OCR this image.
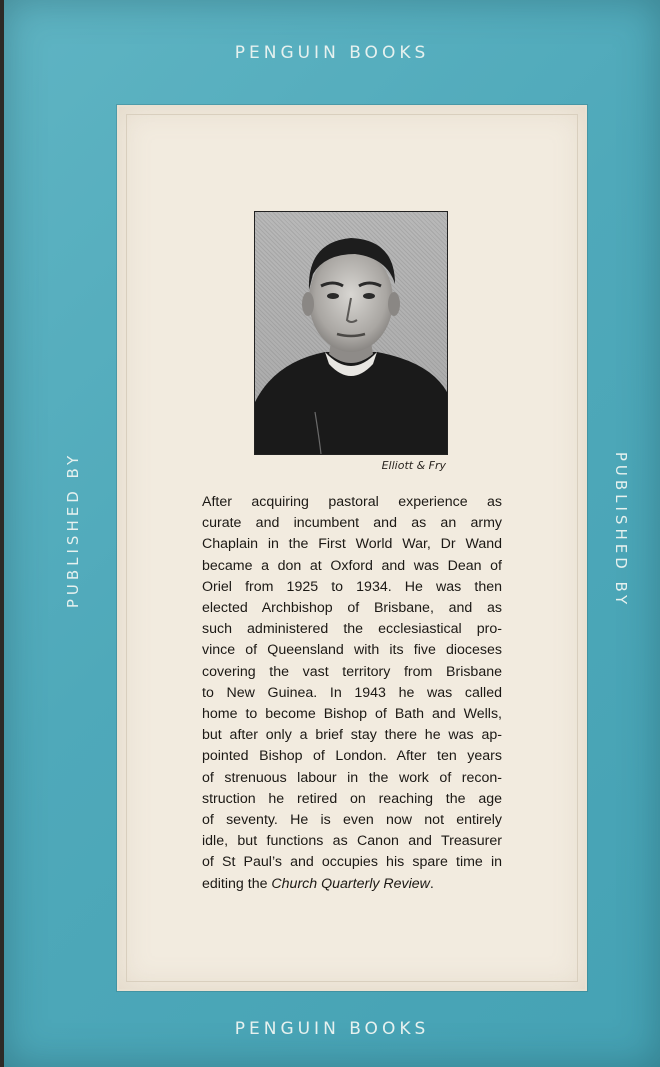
PENGUIN BOOKS
PUBLISHED BY	PUBLISHED BY
Elliott & Fry

After acquiring pastoral experience as
curate and incumbent and as an army
Chaplain in the First World War, Dr Wand
became a don at Oxford and was Dean of
Oriel from 1925 to 1934. He was then
elected Archbishop of Brisbane, and as
such administered the ecclesiastical pro-
vince of Queensland with its five dioceses
covering the vast territory from Brisbane
to New Guinea. In 1943 he was called
home to become Bishop of Bath and Wells,
but after only a brief stay there he was ap-
pointed Bishop of London. After ten years
of strenuous labour in the work of recon-
struction he retired on reaching the age
of seventy. He is even now not entirely
idle, but functions as Canon and Treasurer
of St Paul’s and occupies his spare time in
editing the Church Quarterly Review.

PENGUIN BOOKS
